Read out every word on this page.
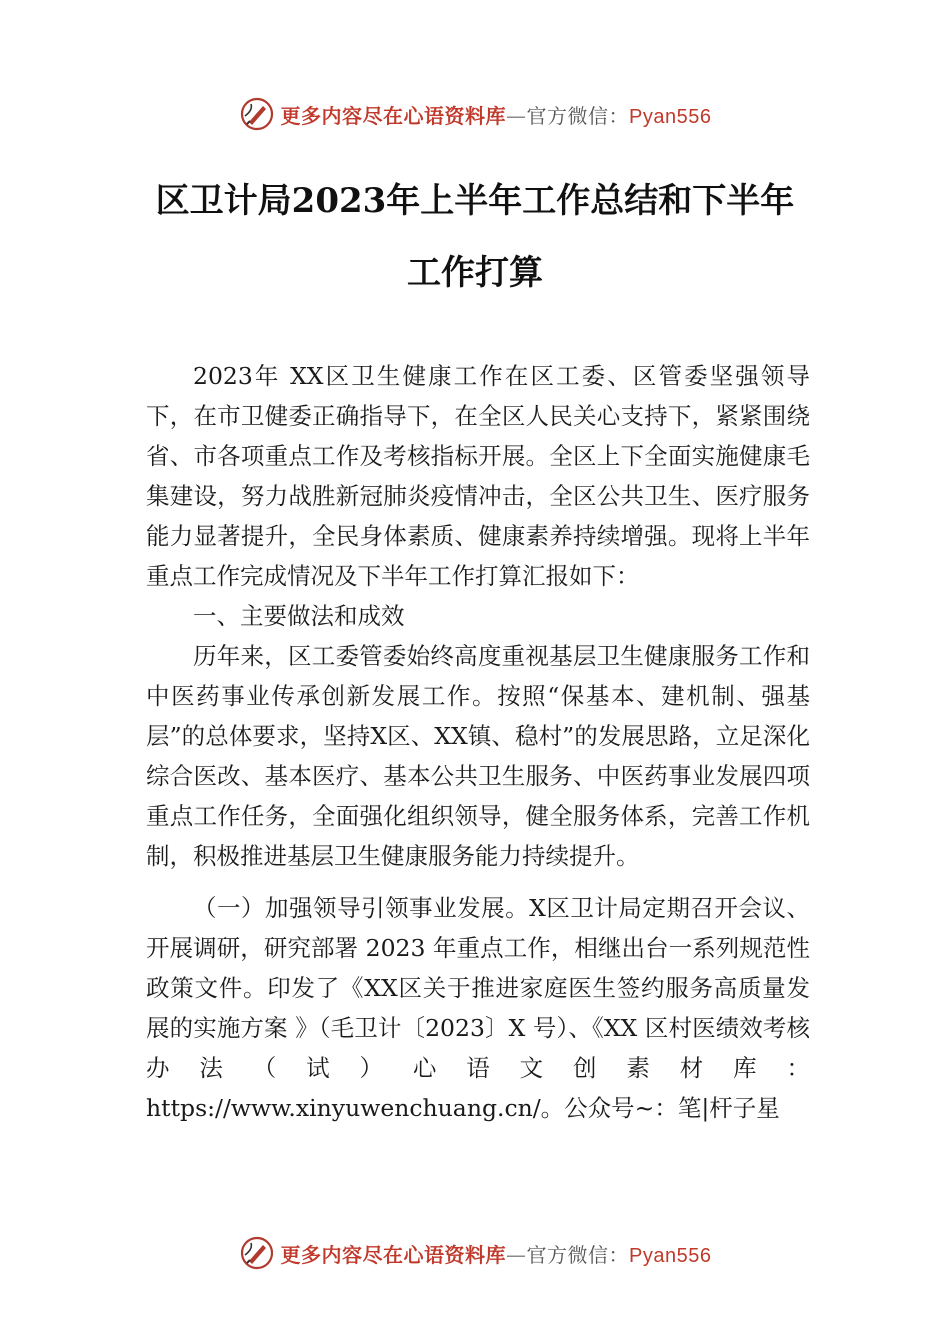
更多内容尽在心语资料库—官方微信：Pyan556
区卫计局2023年上半年工作总结和下半年
工作打算

2023年 XX区卫生健康工作在区工委、区管委坚强领导下，在市卫健委正确指导下，在全区人民关心支持下，紧紧围绕省、市各项重点工作及考核指标开展。全区上下全面实施健康毛集建设，努力战胜新冠肺炎疫情冲击，全区公共卫生、医疗服务能力显著提升，全民身体素质、健康素养持续增强。现将上半年重点工作完成情况及下半年工作打算汇报如下：

一、主要做法和成效

历年来，区工委管委始终高度重视基层卫生健康服务工作和中医药事业传承创新发展工作。按照“保基本、建机制、强基层”的总体要求，坚持X区、XX镇、稳村”的发展思路，立足深化综合医改、基本医疗、基本公共卫生服务、中医药事业发展四项重点工作任务，全面强化组织领导，健全服务体系，完善工作机制，积极推进基层卫生健康服务能力持续提升。

（一）加强领导引领事业发展。X区卫计局定期召开会议、开展调研，研究部署 2023 年重点工作，相继出台一系列规范性政策文件。印发了《XX区关于推进家庭医生签约服务高质量发展的实施方案 》（毛卫计〔2023〕X 号）、《XX 区村医绩效考核办法（试）心语文创素材库：https://www.xinyuwenchuang.cn/。公众号~：笔|杆子星

更多内容尽在心语资料库—官方微信：Pyan556
